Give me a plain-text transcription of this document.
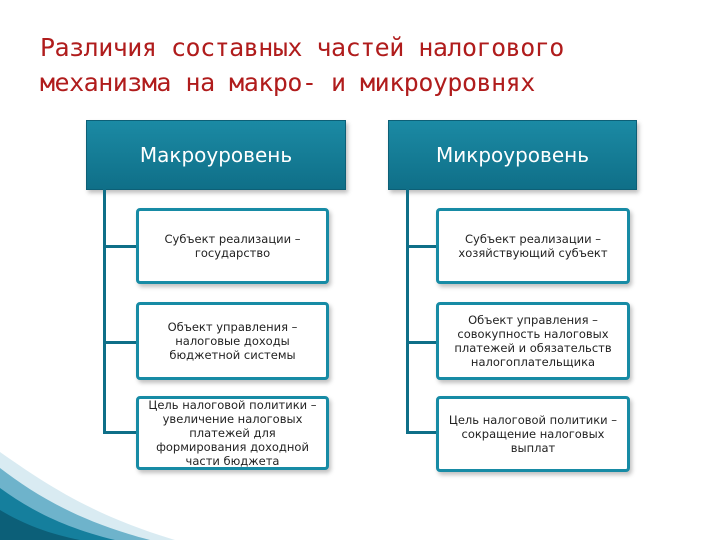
Различия составных частей налогового механизма на макро- и микроуровнях
Макроуровень
Субъект реализации – государство
Объект управления – налоговые доходы бюджетной системы
Цель налоговой политики – увеличение налоговых платежей для формирования доходной части бюджета
Микроуровень
Субъект реализации – хозяйствующий субъект
Объект управления – совокупность налоговых платежей и обязательств налогоплательщика
Цель налоговой политики – сокращение налоговых выплат
